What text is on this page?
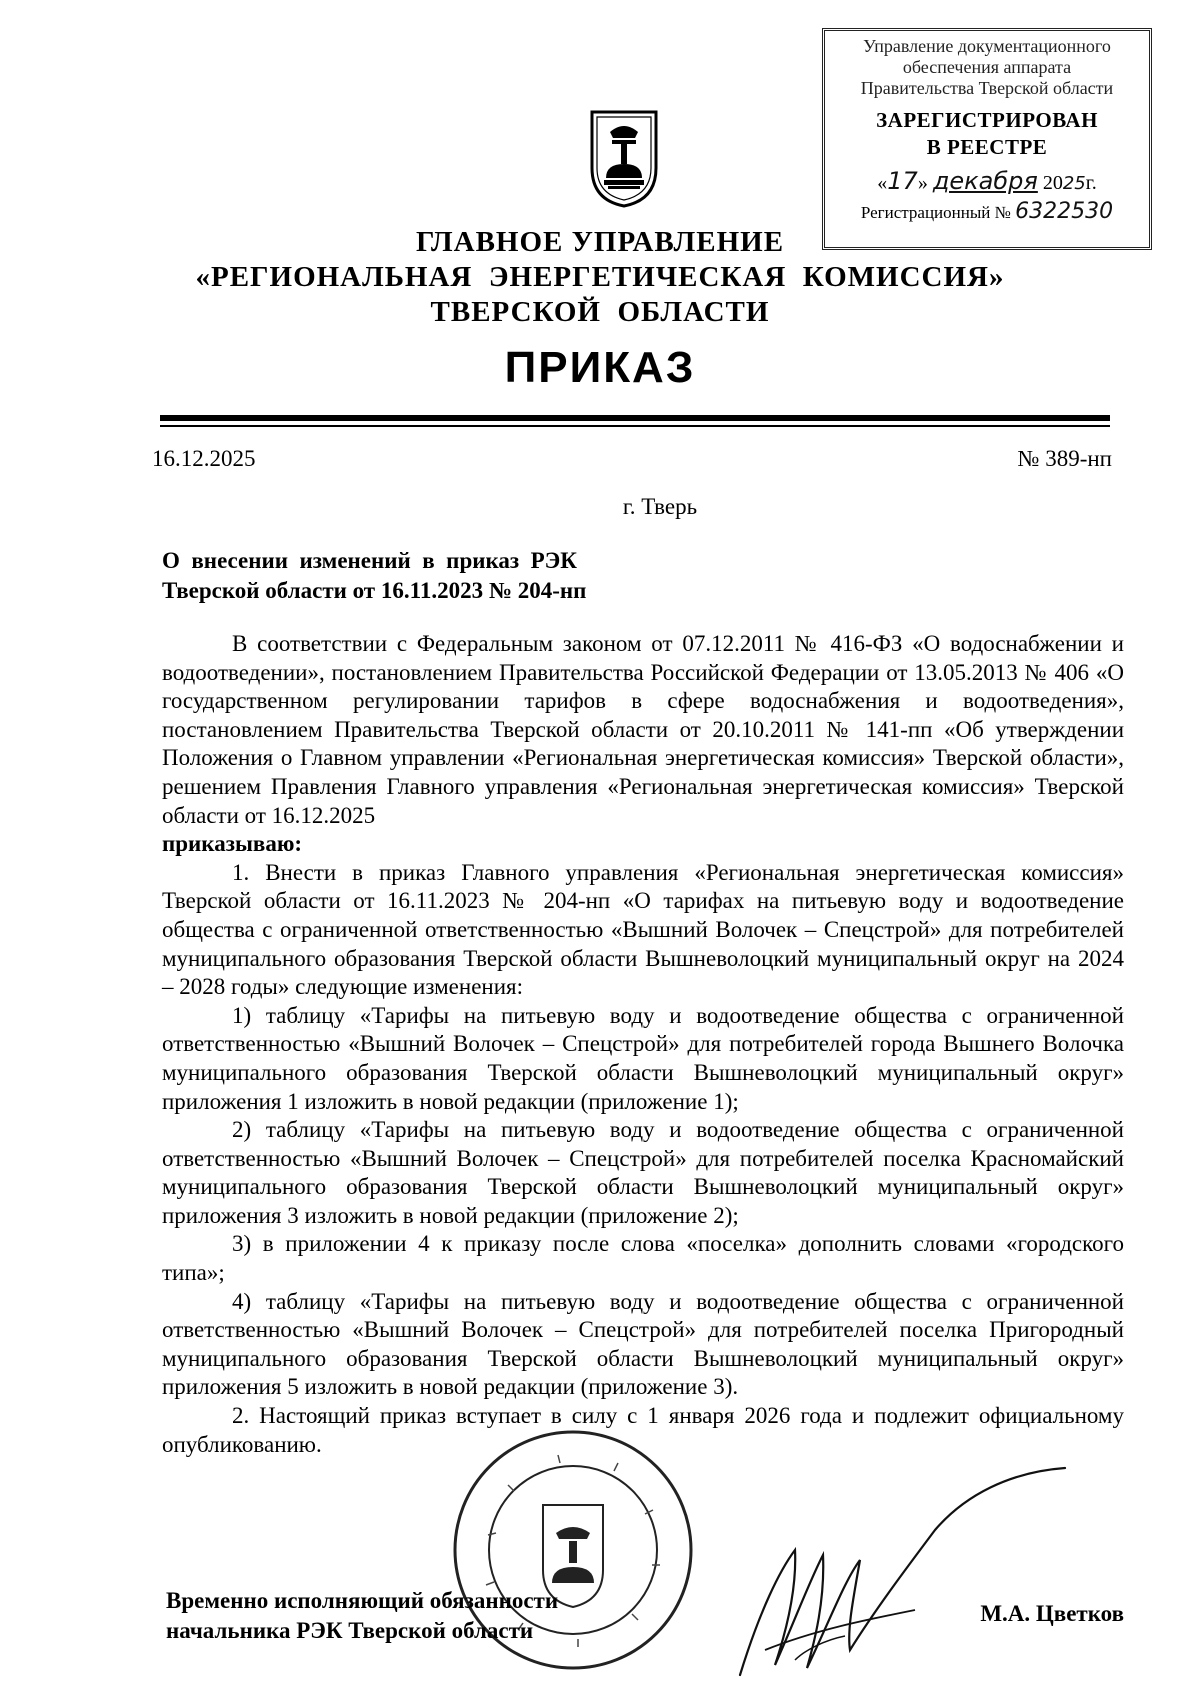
Управление документационного
обеспечения аппарата
Правительства Тверской области
ЗАРЕГИСТРИРОВАН
В РЕЕСТРЕ
«17» декабря 2025г.
Регистрационный № 6322530
ГЛАВНОЕ УПРАВЛЕНИЕ
«РЕГИОНАЛЬНАЯ  ЭНЕРГЕТИЧЕСКАЯ  КОМИССИЯ»
ТВЕРСКОЙ  ОБЛАСТИ
ПРИКАЗ
16.12.2025	№ 389-нп
г. Тверь
О  внесении  изменений  в  приказ  РЭК
Тверской области от 16.11.2023 № 204-нп

В соответствии с Федеральным законом от 07.12.2011 № 416-ФЗ «О водоснабжении и водоотведении», постановлением Правительства Российской Федерации от 13.05.2013 № 406 «О государственном регулировании тарифов в сфере водоснабжения и водоотведения», постановлением Правительства Тверской области от 20.10.2011 № 141-пп «Об утверждении Положения о Главном управлении «Региональная энергетическая комиссия» Тверской области», решением Правления Главного управления «Региональная энергетическая комиссия» Тверской области от 16.12.2025

приказываю:

1. Внести в приказ Главного управления «Региональная энергетическая комиссия» Тверской области от 16.11.2023 № 204-нп «О тарифах на питьевую воду и водоотведение общества с ограниченной ответственностью «Вышний Волочек – Спецстрой» для потребителей муниципального образования Тверской области Вышневолоцкий муниципальный округ на 2024 – 2028 годы» следующие изменения:

1) таблицу «Тарифы на питьевую воду и водоотведение общества с ограниченной ответственностью «Вышний Волочек – Спецстрой» для потребителей города Вышнего Волочка муниципального образования Тверской области Вышневолоцкий муниципальный округ» приложения 1 изложить в новой редакции (приложение 1);

2) таблицу «Тарифы на питьевую воду и водоотведение общества с ограниченной ответственностью «Вышний Волочек – Спецстрой» для потребителей поселка Красномайский муниципального образования Тверской области Вышневолоцкий муниципальный округ» приложения 3 изложить в новой редакции (приложение 2);

3) в приложении 4 к приказу после слова «поселка» дополнить словами «городского типа»;

4) таблицу «Тарифы на питьевую воду и водоотведение общества с ограниченной ответственностью «Вышний Волочек – Спецстрой» для потребителей поселка Пригородный муниципального образования Тверской области Вышневолоцкий муниципальный округ» приложения 5 изложить в новой редакции (приложение 3).

2. Настоящий приказ вступает в силу с 1 января 2026 года и подлежит официальному опубликованию.

Временно исполняющий обязанности
начальника РЭК Тверской области
М.А. Цветков
